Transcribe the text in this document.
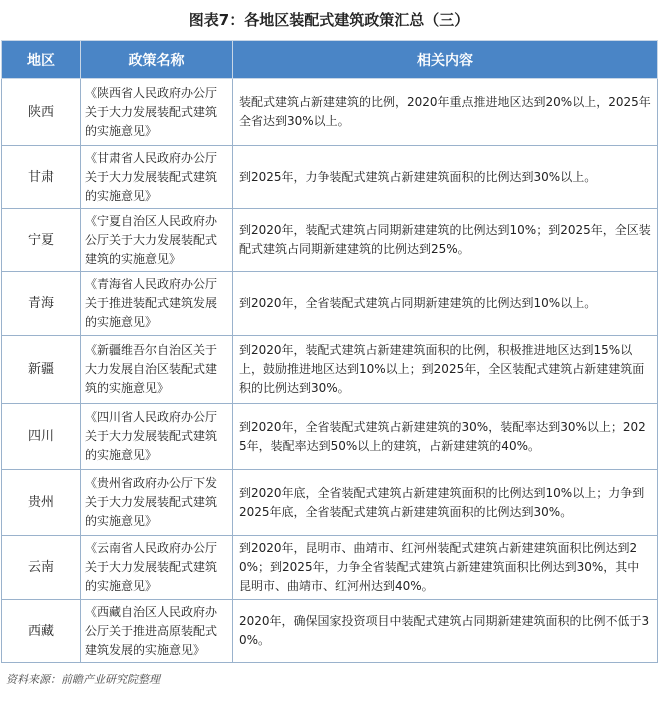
图表7：各地区装配式建筑政策汇总（三）
地区	政策名称	相关内容
陕西	《陕西省人民政府办公厅关于大力发展装配式建筑的实施意见》	装配式建筑占新建建筑的比例，2020年重点推进地区达到20%以上，2025年全省达到30%以上。
甘肃	《甘肃省人民政府办公厅关于大力发展装配式建筑的实施意见》	到2025年，力争装配式建筑占新建建筑面积的比例达到30%以上。
宁夏	《宁夏自治区人民政府办公厅关于大力发展装配式建筑的实施意见》	到2020年，装配式建筑占同期新建建筑的比例达到10%；到2025年，全区装配式建筑占同期新建建筑的比例达到25%。
青海	《青海省人民政府办公厅关于推进装配式建筑发展的实施意见》	到2020年，全省装配式建筑占同期新建建筑的比例达到10%以上。
新疆	《新疆维吾尔自治区关于大力发展自治区装配式建筑的实施意见》	到2020年，装配式建筑占新建建筑面积的比例，积极推进地区达到15%以上，鼓励推进地区达到10%以上；到2025年，全区装配式建筑占新建建筑面积的比例达到30%。
四川	《四川省人民政府办公厅关于大力发展装配式建筑的实施意见》	到2020年，全省装配式建筑占新建建筑的30%，装配率达到30%以上；2025年，装配率达到50%以上的建筑，占新建建筑的40%。
贵州	《贵州省政府办公厅下发关于大力发展装配式建筑的实施意见》	到2020年底，全省装配式建筑占新建建筑面积的比例达到10%以上；力争到2025年底，全省装配式建筑占新建建筑面积的比例达到30%。
云南	《云南省人民政府办公厅关于大力发展装配式建筑的实施意见》	到2020年，昆明市、曲靖市、红河州装配式建筑占新建建筑面积比例达到20%；到2025年，力争全省装配式建筑占新建建筑面积比例达到30%，其中昆明市、曲靖市、红河州达到40%。
西藏	《西藏自治区人民政府办公厅关于推进高原装配式建筑发展的实施意见》	2020年，确保国家投资项目中装配式建筑占同期新建建筑面积的比例不低于30%。
资料来源：前瞻产业研究院整理
